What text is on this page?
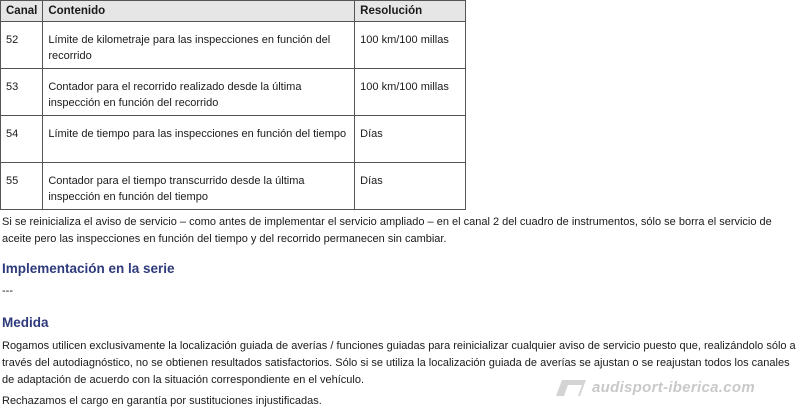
Canal	Contenido	Resolución
52	Límite de kilometraje para las inspecciones en función del recorrido	100 km/100 millas
53	Contador para el recorrido realizado desde la última inspección en función del recorrido	100 km/100 millas
54	Límite de tiempo para las inspecciones en función del tiempo	Días
55	Contador para el tiempo transcurrido desde la última inspección en función del tiempo	Días

Si se reinicializa el aviso de servicio – como antes de implementar el servicio ampliado – en el canal 2 del cuadro de instrumentos, sólo se borra el servicio de aceite pero las inspecciones en función del tiempo y del recorrido permanecen sin cambiar.

Implementación en la serie

---

Medida

Rogamos utilicen exclusivamente la localización guiada de averías / funciones guiadas para reinicializar cualquier aviso de servicio puesto que, realizándolo sólo a través del autodiagnóstico, no se obtienen resultados satisfactorios. Sólo si se utiliza la localización guiada de averías se ajustan o se reajustan todos los canales de adaptación de acuerdo con la situación correspondiente en el vehículo.

Rechazamos el cargo en garantía por sustituciones injustificadas.

audisport-iberica.com
